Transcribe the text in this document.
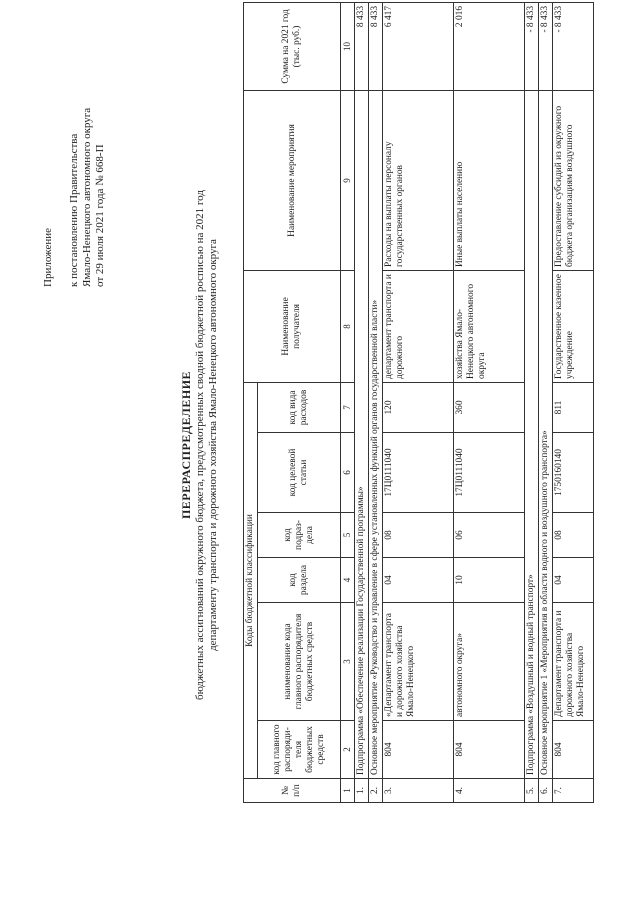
Приложение к постановлению Правительства Ямало-Ненецкого автономного округа от 29 июля 2021 года № 668-П
ПЕРЕРАСПРЕДЕЛЕНИЕ бюджетных ассигнований окружного бюджета, предусмотренных сводной бюджетной росписью на 2021 год департаменту транспорта и дорожного хозяйства Ямало-Ненецкого автономного округа
№ п/п	Коды бюджетной классификации						Наименование получателя	Наименование мероприятия	Сумма на 2021 год (тыс. руб.)
	код главного распоряди-теля бюджетных средств	наименование кода главного распорядителя бюджетных средств	код раздела	код подраз-дела	код целевой статьи	код вида расходов			
1	2	3	4	5	6	7	8	9	10
1.	Подпрограмма «Обеспечение реализации Государственной программы»								8 433
2.	Основное мероприятие «Руководство и управление в сфере установленных функций органов государственной власти»								8 433
3.	804	«Департамент транспорта и дорожного хозяйства Ямало-Ненецкого	04	08	17Ц0111040	120	департамент транспорта и дорожного	Расходы на выплаты персоналу государственных органов	6 417
4.	804	автономного округа»	10	06	17Ц0111040	360	хозяйства Ямало-Ненецкого автономного округа	Иные выплаты населению	2 016
5.	Подпрограмма «Воздушный и водный транспорт»								- 8 433
6.	Основное мероприятие 1 «Мероприятия в области водного и воздушного транспорта»								- 8 433
7.	804	Департамент транспорта и дорожного хозяйства Ямало-Ненецкого	04	08	1750160140	811	Государственное казенное учреждение	Предоставление субсидий из окружного бюджета организациям воздушного	- 8 433
